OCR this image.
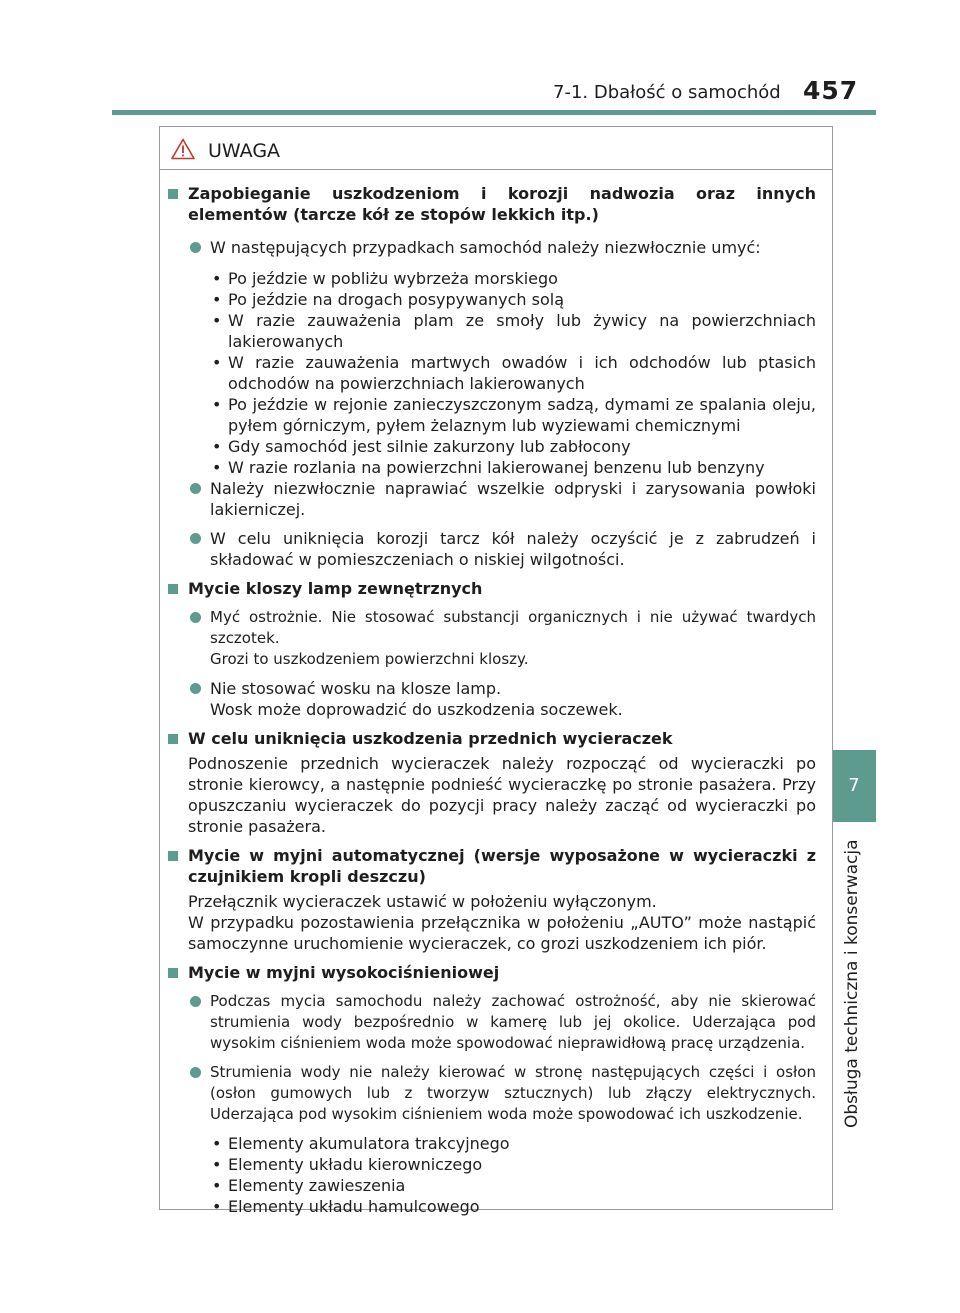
7-1. Dbałość o samochód 457
7
Obsługa techniczna i konserwacja
UWAGA
Zapobieganie uszkodzeniom i korozji nadwozia oraz innych elementów (tarcze kół ze stopów lekkich itp.)
W następujących przypadkach samochód należy niezwłocznie umyć:
• Po jeździe w pobliżu wybrzeża morskiego
• Po jeździe na drogach posypywanych solą
• W razie zauważenia plam ze smoły lub żywicy na powierzchniach lakierowanych
• W razie zauważenia martwych owadów i ich odchodów lub ptasich odchodów na powierzchniach lakierowanych
• Po jeździe w rejonie zanieczyszczonym sadzą, dymami ze spalania oleju, pyłem górniczym, pyłem żelaznym lub wyziewami chemicznymi
• Gdy samochód jest silnie zakurzony lub zabłocony
• W razie rozlania na powierzchni lakierowanej benzenu lub benzyny
Należy niezwłocznie naprawiać wszelkie odpryski i zarysowania powłoki lakierniczej.
W celu uniknięcia korozji tarcz kół należy oczyścić je z zabrudzeń i składować w pomieszczeniach o niskiej wilgotności.
Mycie kloszy lamp zewnętrznych
Myć ostrożnie. Nie stosować substancji organicznych i nie używać twardych szczotek.
Grozi to uszkodzeniem powierzchni kloszy.
Nie stosować wosku na klosze lamp.
Wosk może doprowadzić do uszkodzenia soczewek.
W celu uniknięcia uszkodzenia przednich wycieraczek
Podnoszenie przednich wycieraczek należy rozpocząć od wycieraczki po stronie kierowcy, a następnie podnieść wycieraczkę po stronie pasażera. Przy opuszczaniu wycieraczek do pozycji pracy należy zacząć od wycieraczki po stronie pasażera.
Mycie w myjni automatycznej (wersje wyposażone w wycieraczki z czujnikiem kropli deszczu)
Przełącznik wycieraczek ustawić w położeniu wyłączonym.
W przypadku pozostawienia przełącznika w położeniu „AUTO” może nastąpić samoczynne uruchomienie wycieraczek, co grozi uszkodzeniem ich piór.
Mycie w myjni wysokociśnieniowej
Podczas mycia samochodu należy zachować ostrożność, aby nie skierować strumienia wody bezpośrednio w kamerę lub jej okolice. Uderzająca pod wysokim ciśnieniem woda może spowodować nieprawidłową pracę urządzenia.
Strumienia wody nie należy kierować w stronę następujących części i osłon (osłon gumowych lub z tworzyw sztucznych) lub złączy elektrycznych. Uderzająca pod wysokim ciśnieniem woda może spowodować ich uszkodzenie.
• Elementy akumulatora trakcyjnego
• Elementy układu kierowniczego
• Elementy zawieszenia
• Elementy układu hamulcowego
